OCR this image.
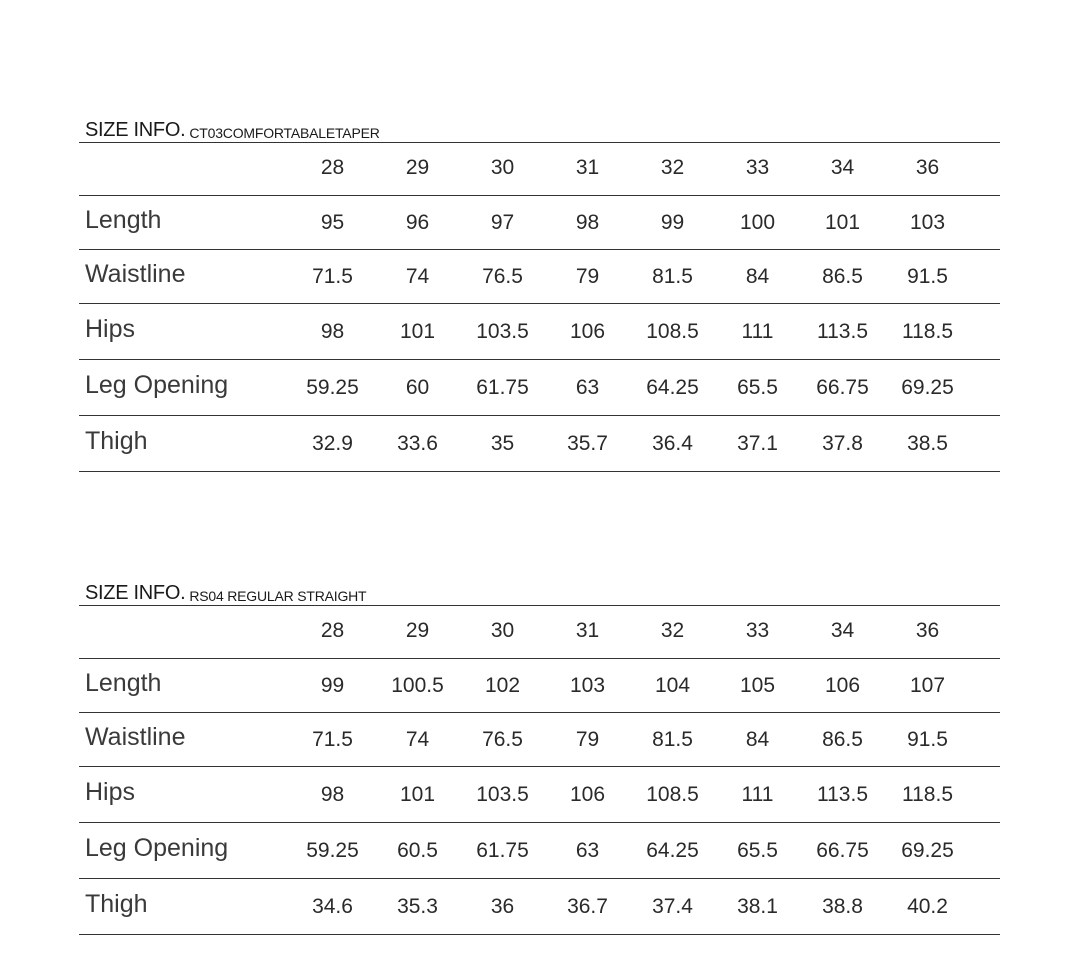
SIZE INFO. CT03COMFORTABALETAPER
28	29	30	31	32	33	34	36
Length	95	96	97	98	99	100	101	103
Waistline	71.5	74	76.5	79	81.5	84	86.5	91.5
Hips	98	101	103.5	106	108.5	111	113.5	118.5
Leg Opening	59.25	60	61.75	63	64.25	65.5	66.75	69.25
Thigh	32.9	33.6	35	35.7	36.4	37.1	37.8	38.5
SIZE INFO. RS04 REGULAR STRAIGHT
28	29	30	31	32	33	34	36
Length	99	100.5	102	103	104	105	106	107
Waistline	71.5	74	76.5	79	81.5	84	86.5	91.5
Hips	98	101	103.5	106	108.5	111	113.5	118.5
Leg Opening	59.25	60.5	61.75	63	64.25	65.5	66.75	69.25
Thigh	34.6	35.3	36	36.7	37.4	38.1	38.8	40.2
